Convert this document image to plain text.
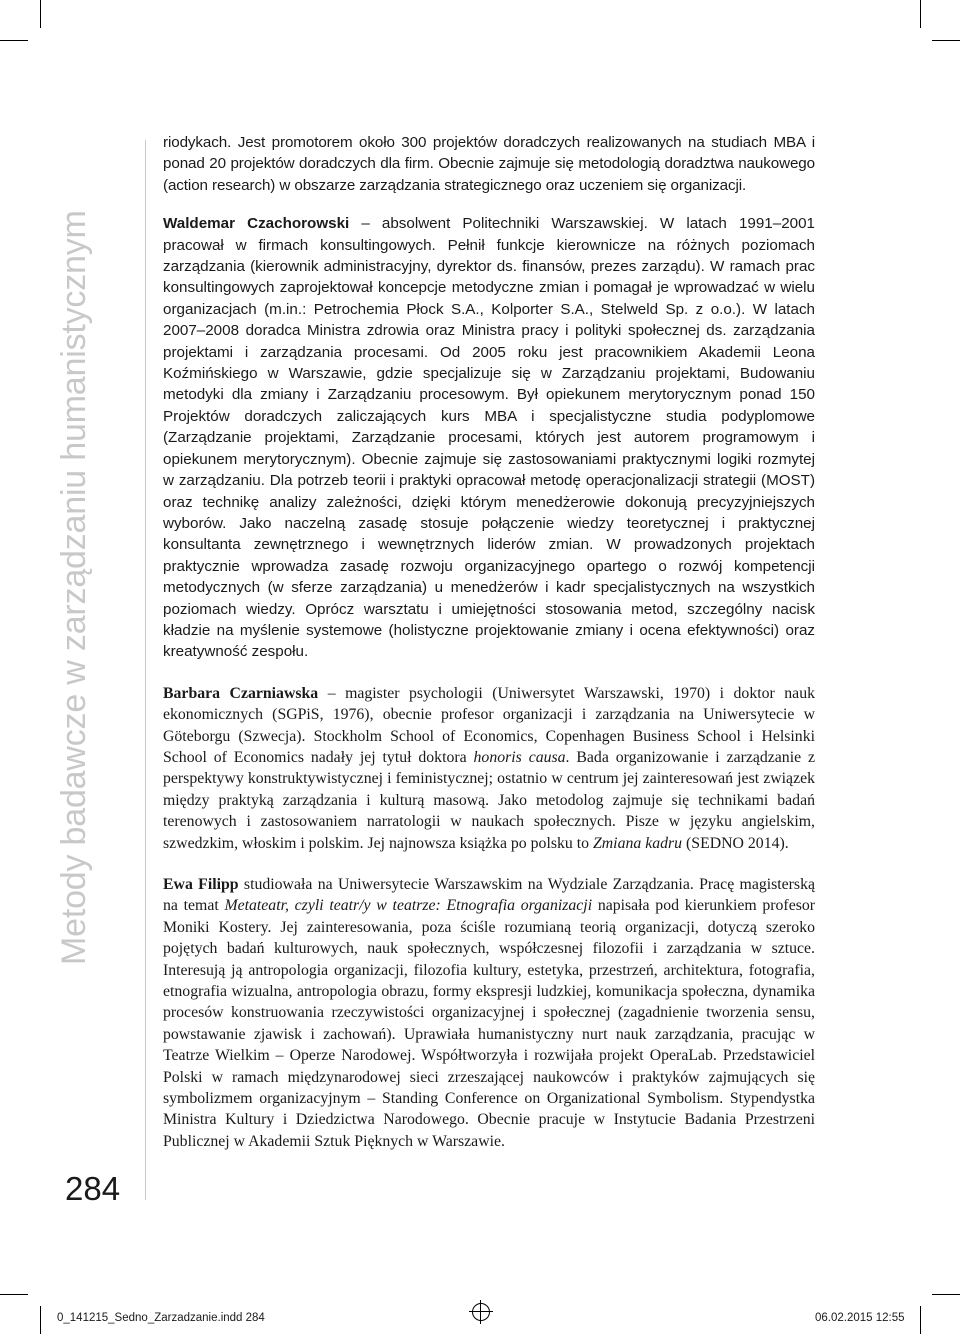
Metody badawcze w zarządzaniu humanistycznym
284

riodykach. Jest promotorem około 300 projektów doradczych realizowanych na studiach MBA i ponad 20 projektów doradczych dla firm. Obecnie zajmuje się metodologią doradztwa naukowego (action research) w obszarze zarządzania strategicznego oraz uczeniem się organizacji.

Waldemar Czachorowski – absolwent Politechniki Warszawskiej. W latach 1991–2001 pracował w firmach konsultingowych. Pełnił funkcje kierownicze na różnych poziomach zarządzania (kierownik administracyjny, dyrektor ds. finansów, prezes zarządu). W ramach prac konsultingowych zaprojektował koncepcje metodyczne zmian i pomagał je wprowadzać w wielu organizacjach (m.in.: Petrochemia Płock S.A., Kolporter S.A., Stelweld Sp. z o.o.). W latach 2007–2008 doradca Ministra zdrowia oraz Ministra pracy i polityki społecznej ds. zarządzania projektami i zarządzania procesami. Od 2005 roku jest pracownikiem Akademii Leona Koźmińskiego w Warszawie, gdzie specjalizuje się w Zarządzaniu projektami, Budowaniu metodyki dla zmiany i Zarządzaniu procesowym. Był opiekunem merytorycznym ponad 150 Projektów doradczych zaliczających kurs MBA i specjalistyczne studia podyplomowe (Zarządzanie projektami, Zarządzanie procesami, których jest autorem programowym i opiekunem merytorycznym). Obecnie zajmuje się zastosowaniami praktycznymi logiki rozmytej w zarządzaniu. Dla potrzeb teorii i praktyki opracował metodę operacjonalizacji strategii (MOST) oraz technikę analizy zależności, dzięki którym menedżerowie dokonują precyzyjniejszych wyborów. Jako naczelną zasadę stosuje połączenie wiedzy teoretycznej i praktycznej konsultanta zewnętrznego i wewnętrznych liderów zmian. W prowadzonych projektach praktycznie wprowadza zasadę rozwoju organizacyjnego opartego o rozwój kompetencji metodycznych (w sferze zarządzania) u menedżerów i kadr specjalistycznych na wszystkich poziomach wiedzy. Oprócz warsztatu i umiejętności stosowania metod, szczególny nacisk kładzie na myślenie systemowe (holistyczne projektowanie zmiany i ocena efektywności) oraz kreatywność zespołu.

Barbara Czarniawska – magister psychologii (Uniwersytet Warszawski, 1970) i doktor nauk ekonomicznych (SGPiS, 1976), obecnie profesor organizacji i zarządzania na Uniwersytecie w Göteborgu (Szwecja). Stockholm School of Economics, Copenhagen Business School i Helsinki School of Economics nadały jej tytuł doktora honoris causa. Bada organizowanie i zarządzanie z perspektywy konstruktywistycznej i feministycznej; ostatnio w centrum jej zainteresowań jest związek między praktyką zarządzania i kulturą masową. Jako metodolog zajmuje się technikami badań terenowych i zastosowaniem narratologii w naukach społecznych. Pisze w języku angielskim, szwedzkim, włoskim i polskim. Jej najnowsza książka po polsku to Zmiana kadru (SEDNO 2014).

Ewa Filipp studiowała na Uniwersytecie Warszawskim na Wydziale Zarządzania. Pracę magisterską na temat Metateatr, czyli teatr/y w teatrze: Etnografia organizacji napisała pod kierunkiem profesor Moniki Kostery. Jej zainteresowania, poza ściśle rozumianą teorią organizacji, dotyczą szeroko pojętych badań kulturowych, nauk społecznych, współczesnej filozofii i zarządzania w sztuce. Interesują ją antropologia organizacji, filozofia kultury, estetyka, przestrzeń, architektura, fotografia, etnografia wizualna, antropologia obrazu, formy ekspresji ludzkiej, komunikacja społeczna, dynamika procesów konstruowania rzeczywistości organizacyjnej i społecznej (zagadnienie tworzenia sensu, powstawanie zjawisk i zachowań). Uprawiała humanistyczny nurt nauk zarządzania, pracując w Teatrze Wielkim – Operze Narodowej. Współtworzyła i rozwijała projekt OperaLab. Przedstawiciel Polski w ramach międzynarodowej sieci zrzeszającej naukowców i praktyków zajmujących się symbolizmem organizacyjnym – Standing Conference on Organizational Symbolism. Stypendystka Ministra Kultury i Dziedzictwa Narodowego. Obecnie pracuje w Instytucie Badania Przestrzeni Publicznej w Akademii Sztuk Pięknych w Warszawie.

0_141215_Sedno_Zarzadzanie.indd 284	06.02.2015 12:55
